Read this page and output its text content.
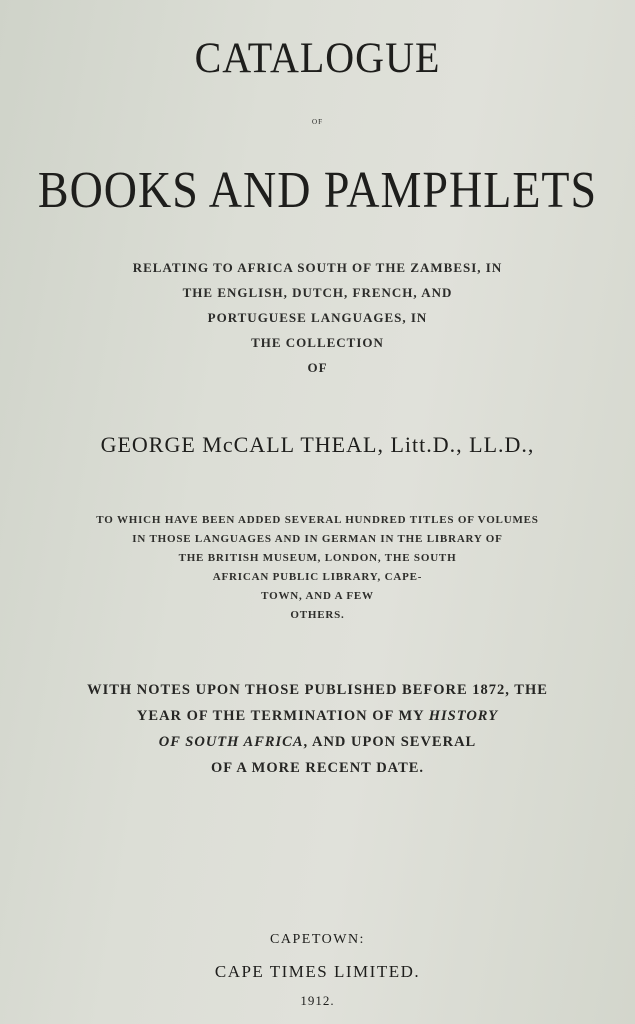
CATALOGUE
OF
BOOKS AND PAMPHLETS
RELATING TO AFRICA SOUTH OF THE ZAMBESI, IN
THE ENGLISH, DUTCH, FRENCH, AND
PORTUGUESE LANGUAGES, IN
THE COLLECTION
OF
GEORGE McCALL THEAL, Litt.D., LL.D.,
TO WHICH HAVE BEEN ADDED SEVERAL HUNDRED TITLES OF VOLUMES
IN THOSE LANGUAGES AND IN GERMAN IN THE LIBRARY OF
THE BRITISH MUSEUM, LONDON, THE SOUTH
AFRICAN PUBLIC LIBRARY, CAPE-
TOWN, AND A FEW
OTHERS.
WITH NOTES UPON THOSE PUBLISHED BEFORE 1872, THE
YEAR OF THE TERMINATION OF MY HISTORY
OF SOUTH AFRICA, AND UPON SEVERAL
OF A MORE RECENT DATE.
CAPETOWN:
CAPE TIMES LIMITED.
1912.
